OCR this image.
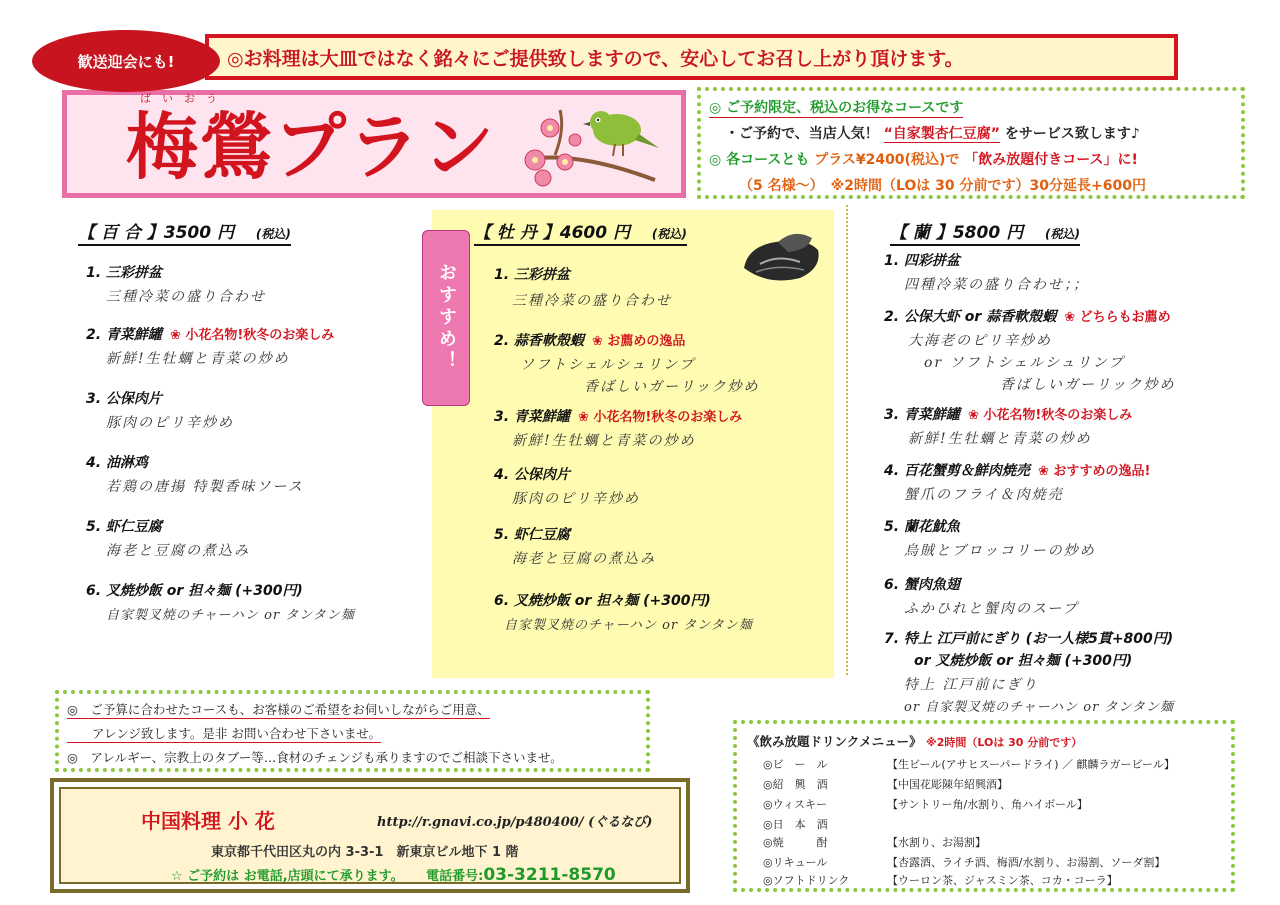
◎お料理は大皿ではなく銘々にご提供致しますので、安心してお召し上がり頂けます。
歓送迎会にも!
ば　い　お　う
梅鶯プラン	◎ ご予約限定、税込のお得なコースです
・ご予約で、当店人気！ “自家製杏仁豆腐” をサービス致します♪
◎ 各コースとも プラス¥2400(税込)で 「飲み放題付きコース」に!
（5 名様～）　※2時間（LOは 30 分前です）30分延長+600円
【 百 合 】3500 円 (税込)
1. 三彩拼盆
三種冷菜の盛り合わせ
2. 青菜鮮罐 ❀ 小花名物!秋冬のお楽しみ
新鮮!生牡蠣と青菜の炒め
3. 公保肉片
豚肉のピリ辛炒め
4. 油淋鸡
若鶏の唐揚 特製香味ソース
5. 虾仁豆腐
海老と豆腐の煮込み
6. 叉焼炒飯 or 担々麺 (+300円)
自家製叉焼のチャーハン or タンタン麺
おすすめ！
【 牡 丹 】4600 円 (税込)
1. 三彩拼盆
三種冷菜の盛り合わせ
2. 蒜香軟殼蝦 ❀ お薦めの逸品
ソフトシェルシュリンプ
香ばしいガーリック炒め
3. 青菜鮮罐 ❀ 小花名物!秋冬のお楽しみ
新鮮!生牡蠣と青菜の炒め
4. 公保肉片
豚肉のピリ辛炒め
5. 虾仁豆腐
海老と豆腐の煮込み
6. 叉焼炒飯 or 担々麺 (+300円)
自家製叉焼のチャーハン or タンタン麺
【 蘭 】5800 円 (税込)
1. 四彩拼盆
四種冷菜の盛り合わせ；；
2. 公保大虾 or 蒜香軟殼蝦 ❀ どちらもお薦め
大海老のピリ辛炒め
or ソフトシェルシュリンプ
香ばしいガーリック炒め
3. 青菜鮮罐 ❀ 小花名物!秋冬のお楽しみ
新鮮!生牡蠣と青菜の炒め
4. 百花蟹剪＆鮮肉焼売 ❀ おすすめの逸品!
蟹爪のフライ＆肉焼売
5. 蘭花魷魚
烏賊とブロッコリーの炒め
6. 蟹肉魚翅
ふかひれと蟹肉のスープ
7. 特上 江戸前にぎり (お一人様5貫+800円)
or 叉焼炒飯 or 担々麺 (+300円)
特上 江戸前にぎり
or 自家製叉焼のチャーハン or タンタン麺
◎　ご予算に合わせたコースも、お客様のご希望をお伺いしながらご用意、
　　アレンジ致します。是非 お問い合わせ下さいませ。
◎　アレルギー、宗教上のタブー等…食材のチェンジも承りますのでご相談下さいませ。
中国料理 小 花	http://r.gnavi.co.jp/p480400/ (ぐるなび)
東京都千代田区丸の内 3-3-1　新東京ビル地下 1 階
☆ ご予約は お電話,店頭にて承ります。 電話番号:03-3211-8570
《飲み放題ドリンクメニュー》 ※2時間（LOは 30 分前です）
◎ビ　ー　ル	【生ビール(アサヒスーパードライ) ／ 麒麟ラガービール】
◎紹　興　酒	【中国花彫陳年紹興酒】
◎ウィスキー	【サントリー角/水割り、角ハイボール】
◎日　本　酒
◎焼　　　酎	【水割り、お湯割】
◎リキュール	【杏露酒、ライチ酒、梅酒/水割り、お湯割、ソーダ割】
◎ソフトドリンク	【ウーロン茶、ジャスミン茶、コカ・コーラ】
